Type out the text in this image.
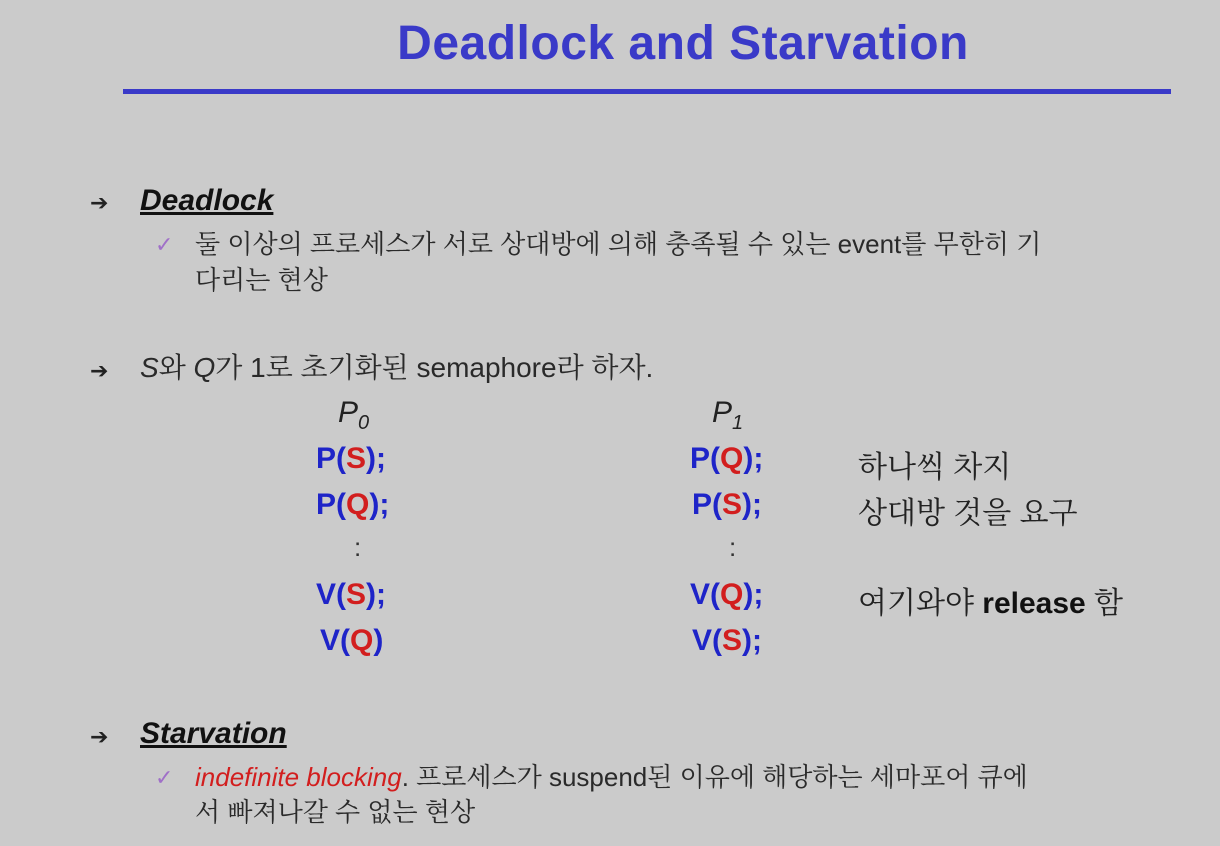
Deadlock and Starvation
➔ Deadlock
✓ 둘 이상의 프로세스가 서로 상대방에 의해 충족될 수 있는 event를 무한히 기
다리는 현상
➔ S와 Q가 1로 초기화된 semaphore라 하자.
$P_0$	$P_1$
P(S);
P(Q);
:
V(S);
V(Q)
P(Q);
P(S);
:
V(Q);
V(S);
하나씩 차지
상대방 것을 요구
여기와야 release 함
➔ Starvation
✓ indefinite blocking. 프로세스가 suspend된 이유에 해당하는 세마포어 큐에
서 빠져나갈 수 없는 현상
